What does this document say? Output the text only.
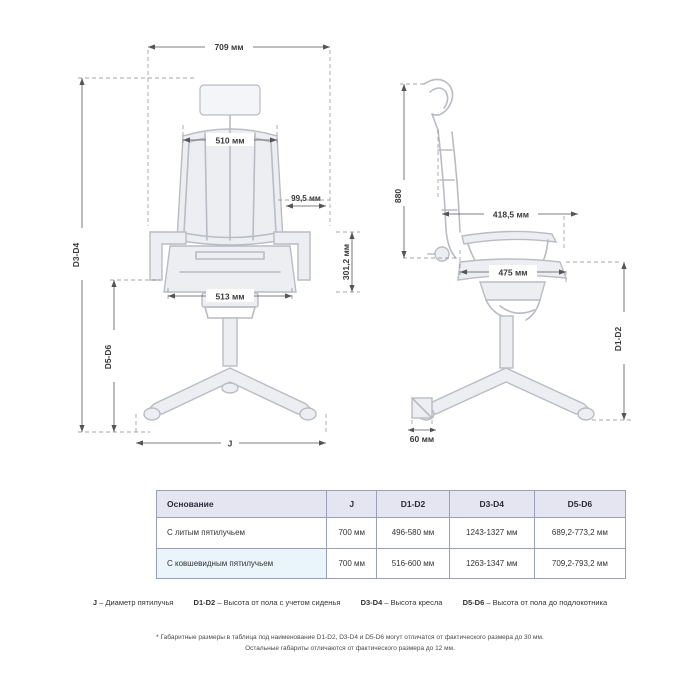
709 мм
510 мм
99,5 мм
513 мм
301,2 мм
D3-D4
D5-D6
J
880
418,5 мм
475 мм
D1-D2
60 мм
Основание	J	D1-D2	D3-D4	D5-D6
С литым пятилучьем	700 мм	496-580 мм	1243-1327 мм	689,2-773,2 мм
С ковшевидным пятилучьем	700 мм	516-600 мм	1263-1347 мм	709,2-793,2 мм
J – Диаметр пятилучья	D1-D2 – Высота от пола с учетом сиденья	D3-D4 – Высота кресла	D5-D6 – Высота от пола до подлокотника
* Габаритные размеры в таблица под наименование D1-D2, D3-D4 и D5-D6 могут отличатся от фактического размера до 30 мм.
Остальные габариты отличаются от фактического размера до 12 мм.
